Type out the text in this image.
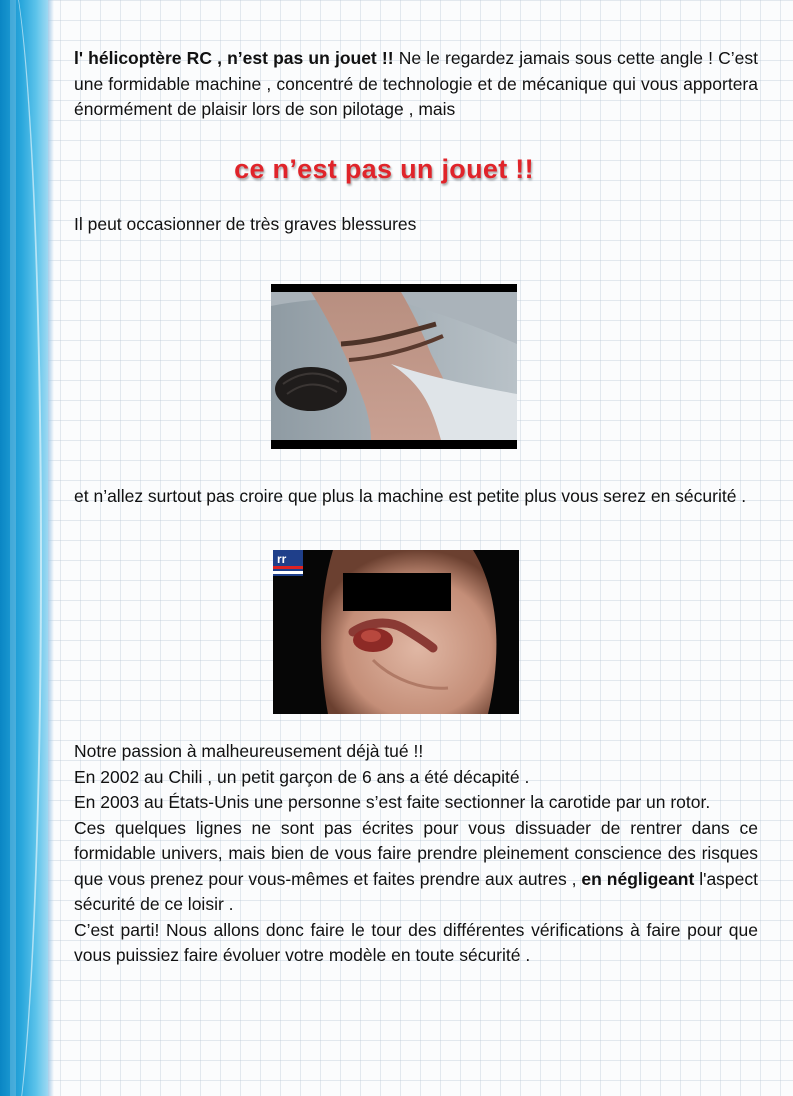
l' hélicoptère RC , n’est pas un jouet !! Ne le regardez jamais sous cette angle ! C’est une formidable machine , concentré de technologie et de mécanique qui vous apportera énormément de plaisir lors de son pilotage , mais

ce n’est pas un jouet !!

Il peut occasionner de très graves blessures

et n’allez surtout pas croire que plus la machine est petite plus vous serez en sécurité .
rr

Notre passion à malheureusement déjà tué !!

En 2002 au Chili , un petit garçon de 6 ans a été décapité .

En 2003 au États-Unis une personne s’est faite sectionner la carotide par un rotor.

Ces quelques lignes ne sont pas écrites pour vous dissuader de rentrer dans ce formidable univers, mais bien de vous faire prendre pleinement conscience des risques que vous prenez pour vous-mêmes et faites prendre aux autres , en négligeant l'aspect sécurité de ce loisir .

C’est parti! Nous allons donc faire le tour des différentes vérifications à faire pour que vous puissiez faire évoluer votre modèle en toute sécurité .
